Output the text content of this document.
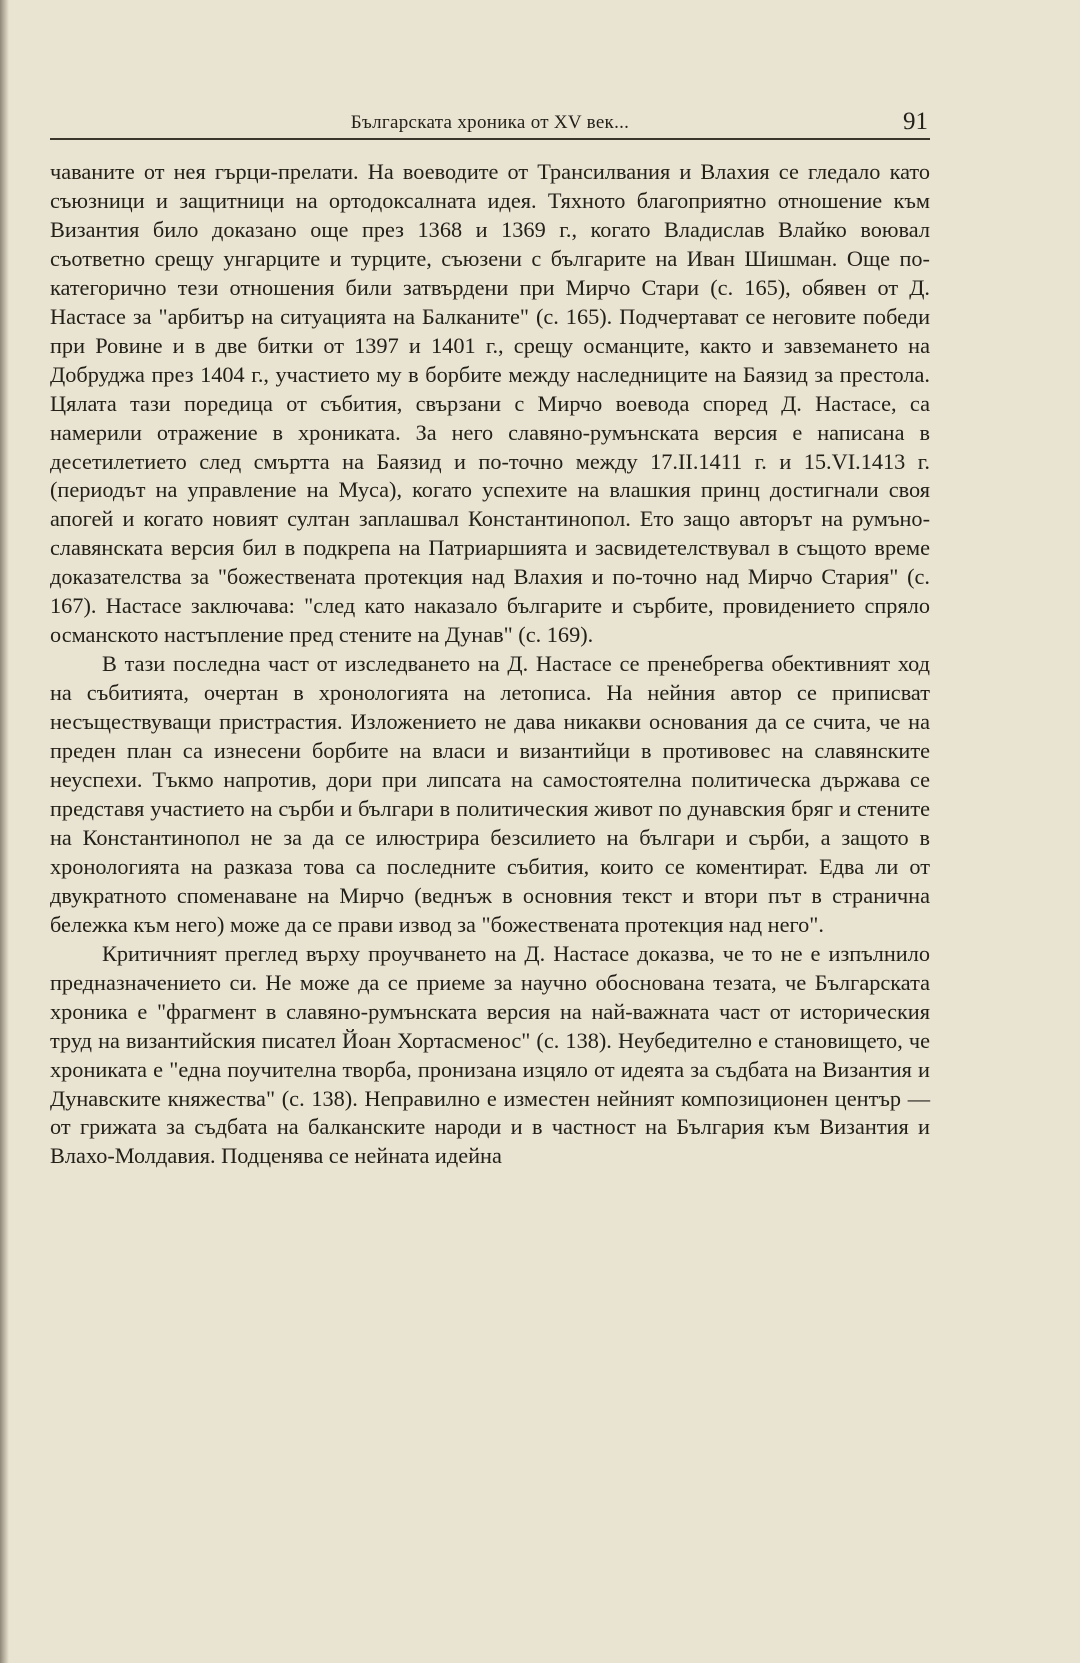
Българската хроника от XV век...	91

чаваните от нея гърци-прелати. На воеводите от Трансилвания и Влахия се гледало като съюзници и защитници на ортодоксалната идея. Тяхното благоприятно отношение към Византия било доказано още през 1368 и 1369 г., когато Владислав Влайко воювал съответно срещу унгарците и турците, съюзени с българите на Иван Шишман. Още по-категорично тези отношения били затвърдени при Мирчо Стари (с. 165), обявен от Д. Настасе за "арбитър на ситуацията на Балканите" (с. 165). Подчертават се неговите победи при Ровине и в две битки от 1397 и 1401 г., срещу османците, както и завземането на Добруджа през 1404 г., участието му в борбите между наследниците на Баязид за престола. Цялата тази поредица от събития, свързани с Мирчо воевода според Д. Настасе, са намерили отражение в хрониката. За него славяно-румънската версия е написана в десетилетието след смъртта на Баязид и по-точно между 17.II.1411 г. и 15.VI.1413 г. (периодът на управление на Муса), когато успехите на влашкия принц достигнали своя апогей и когато новият султан заплашвал Константинопол. Ето защо авторът на румъно-славянската версия бил в подкрепа на Патриаршията и засвидетелствувал в същото време доказателства за "божествената протекция над Влахия и по-точно над Мирчо Стария" (с. 167). Настасе заключава: "след като наказало българите и сърбите, провидението спряло османското настъпление пред стените на Дунав" (с. 169).

В тази последна част от изследването на Д. Настасе се пренебрегва обективният ход на събитията, очертан в хронологията на летописа. На нейния автор се приписват несъществуващи пристрастия. Изложението не дава никакви основания да се счита, че на преден план са изнесени борбите на власи и византийци в противовес на славянските неуспехи. Тъкмо напротив, дори при липсата на самостоятелна политическа държава се представя участието на сърби и българи в политическия живот по дунавския бряг и стените на Константинопол не за да се илюстрира безсилието на българи и сърби, а защото в хронологията на разказа това са последните събития, които се коментират. Едва ли от двукратното споменаване на Мирчо (веднъж в основния текст и втори път в странична бележка към него) може да се прави извод за "божествената протекция над него".

Критичният преглед върху проучването на Д. Настасе доказва, че то не е изпълнило предназначението си. Не може да се приеме за научно обоснована тезата, че Българската хроника е "фрагмент в славяно-румънската версия на най-важната част от историческия труд на византийския писател Йоан Хортасменос" (с. 138). Неубедително е становището, че хрониката е "една поучителна творба, пронизана изцяло от идеята за съдбата на Византия и Дунавските княжества" (с. 138). Неправилно е изместен нейният композиционен център — от грижата за съдбата на балканските народи и в частност на България към Византия и Влахо-Молдавия. Подценява се нейната идейна
